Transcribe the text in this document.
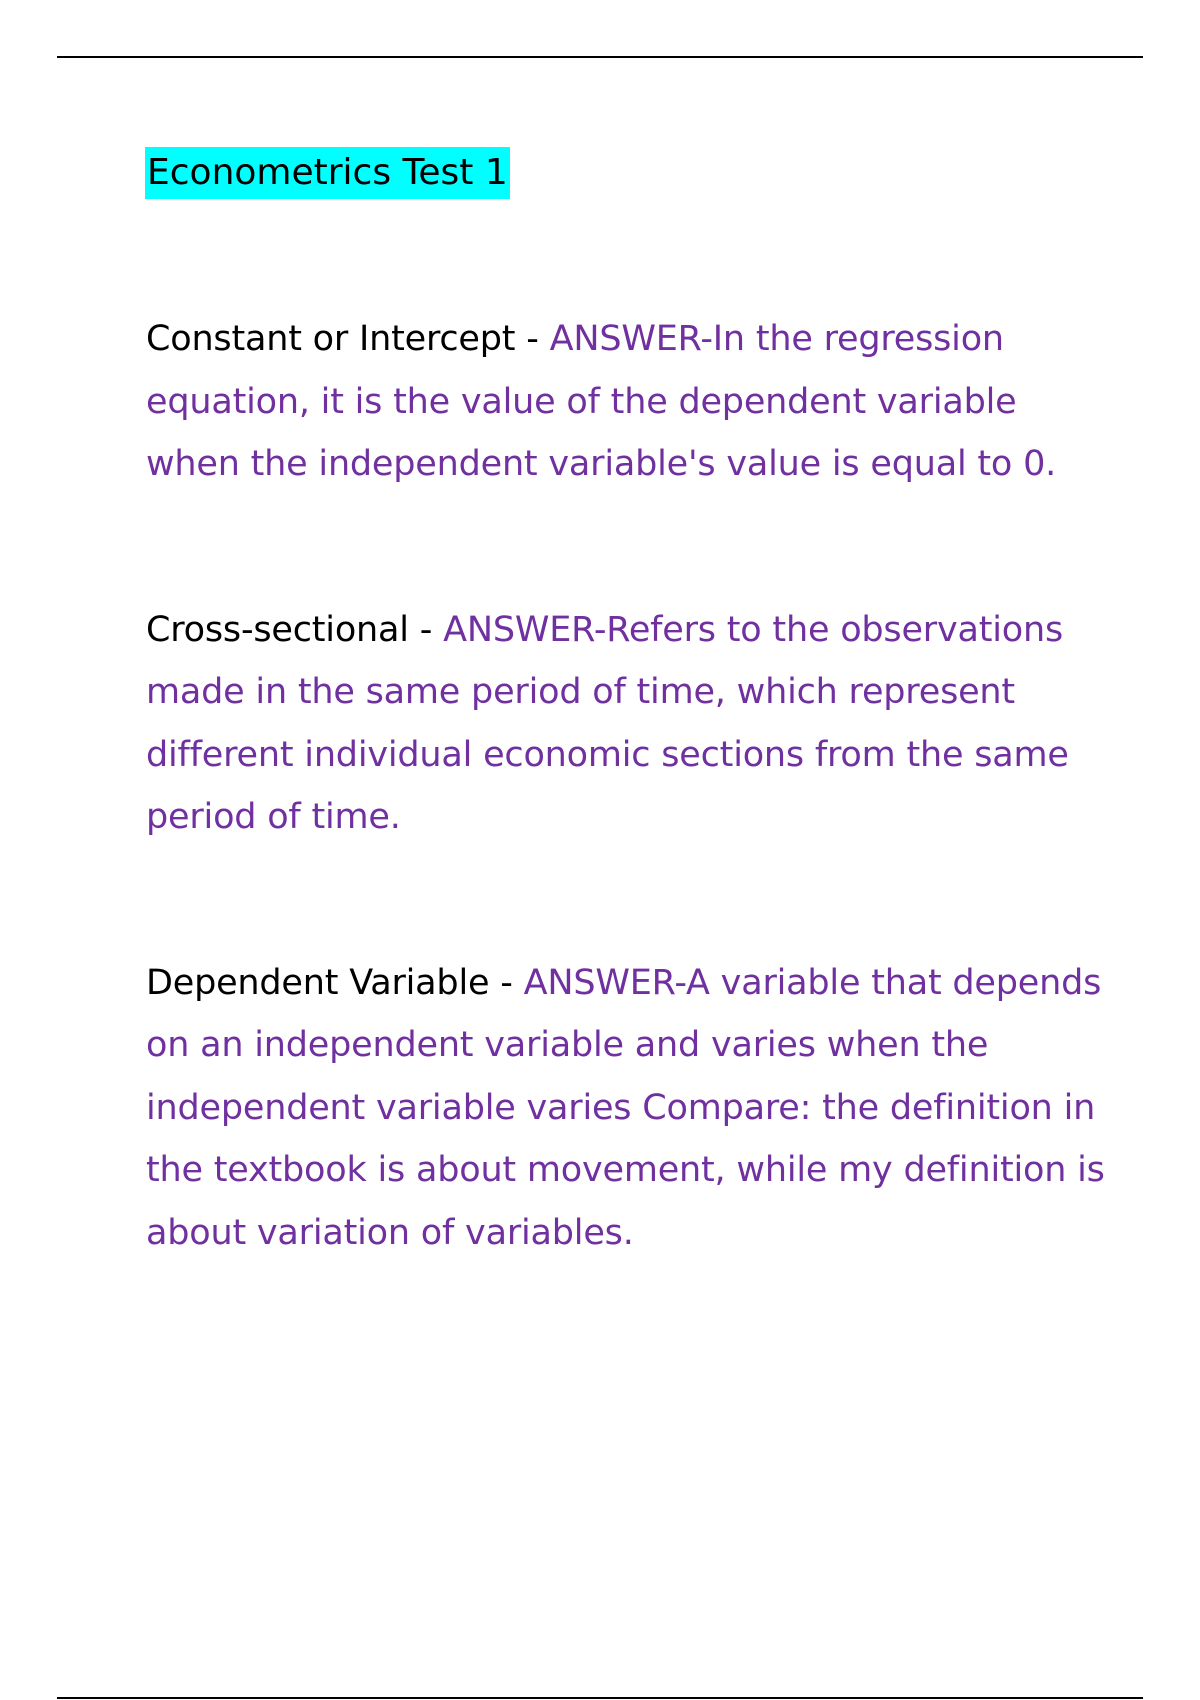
Econometrics Test 1

Constant or Intercept - ANSWER-In the regression equation, it is the value of the dependent variable when the independent variable's value is equal to 0.

Cross-sectional - ANSWER-Refers to the observations made in the same period of time, which represent different individual economic sections from the same period of time.

Dependent Variable - ANSWER-A variable that depends on an independent variable and varies when the independent variable varies Compare: the definition in the textbook is about movement, while my definition is about variation of variables.
